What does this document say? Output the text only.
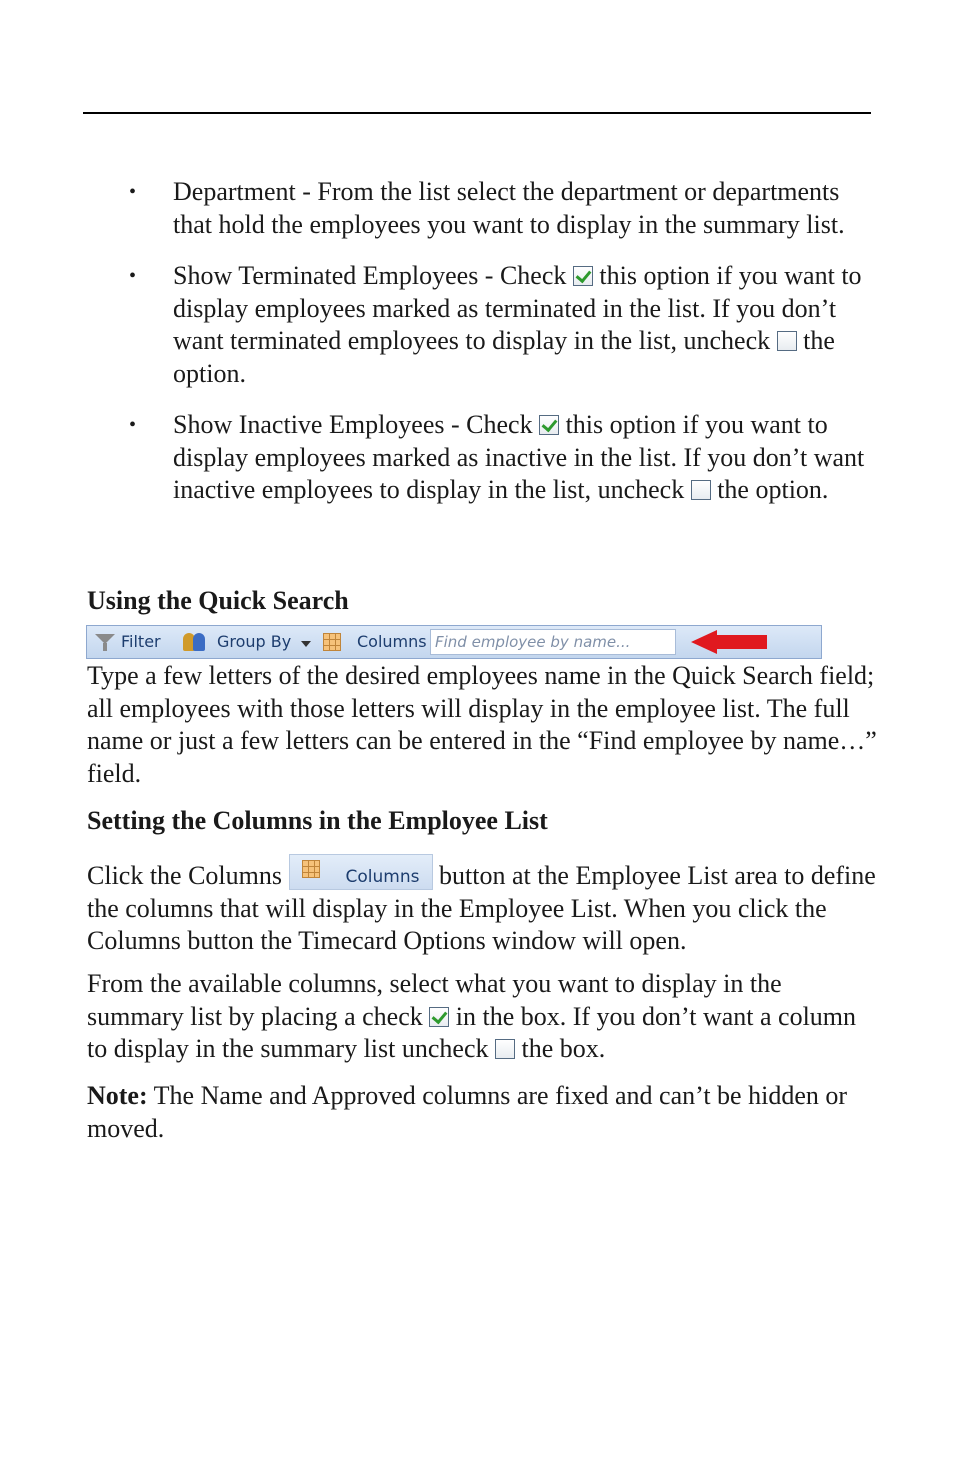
• Department - From the list select the department or departments that hold the employees you want to display in the summary list.
• Show Terminated Employees - Check this option if you want to display employees marked as terminated in the list. If you don’t want terminated employees to display in the list, uncheck the option.
• Show Inactive Employees - Check this option if you want to display employees marked as inactive in the list. If you don’t want inactive employees to display in the list, uncheck the option.
Using the Quick Search
Filter	Group By	Columns Find employee by name...
Type a few letters of the desired employees name in the Quick Search field; all employees with those letters will display in the employee list. The full name or just a few letters can be entered in the “Find employee by name…” field.
Setting the Columns in the Employee List
Click the Columns	Columns button at the Employee List area to define the columns that will display in the Employee List. When you click the Columns button the Timecard Options window will open.
From the available columns, select what you want to display in the summary list by placing a check in the box. If you don’t want a column to display in the summary list uncheck the box.
Note: The Name and Approved columns are fixed and can’t be hidden or moved.
